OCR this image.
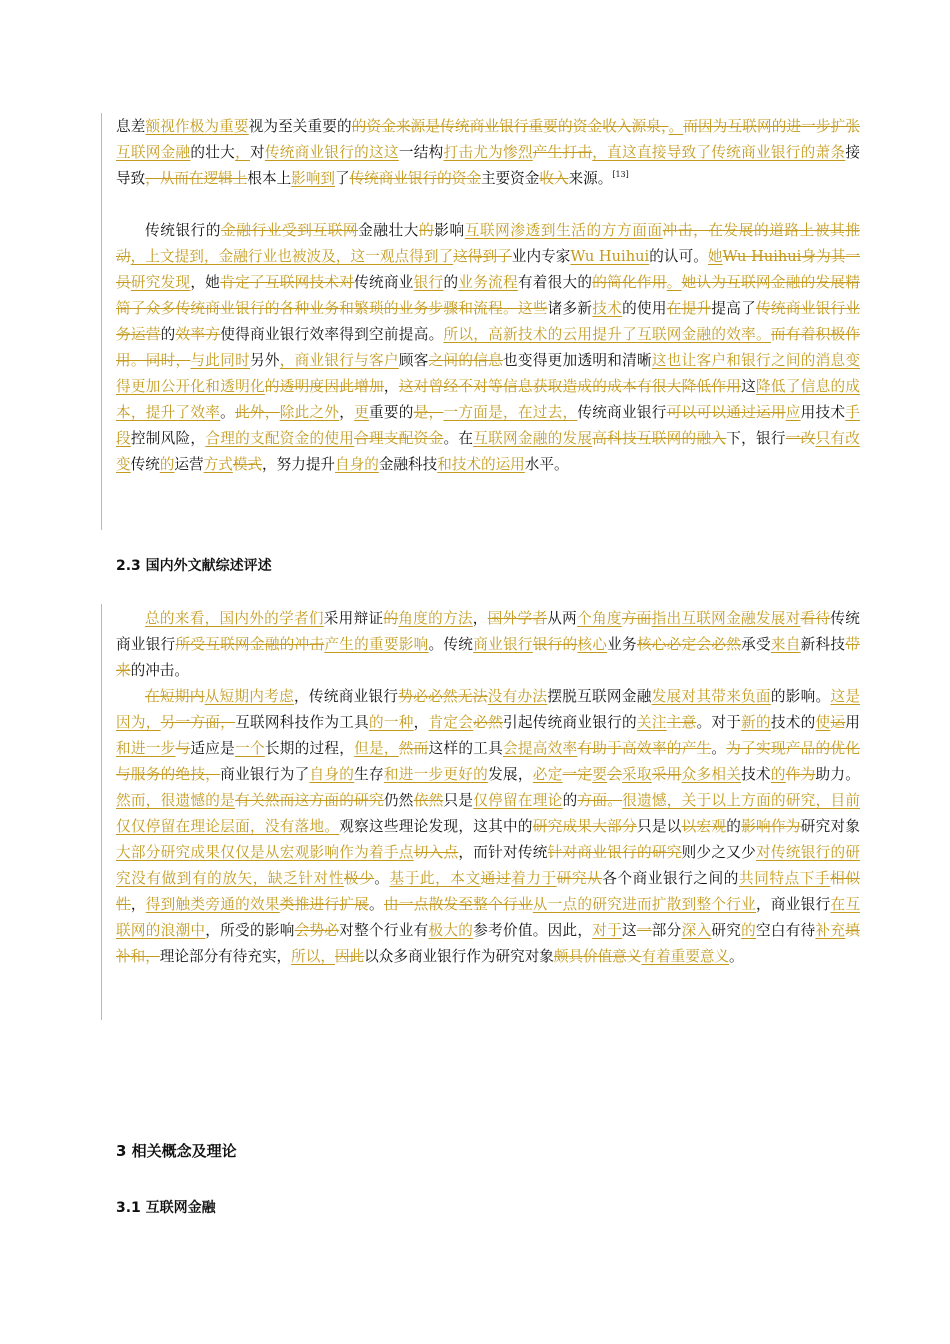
息差额视作极为重要视为至关重要的的资金来源是传统商业银行重要的资金收入源泉，。而因为互联网的进一步扩张互联网金融的壮大，对传统商业银行的这这一结构打击尤为惨烈产生打击，直这直接导致了传统商业银行的萧条接导致，从而在逻辑上根本上影响到了传统商业银行的资金主要资金收入来源。[13]

传统银行的金融行业受到互联网金融壮大的影响互联网渗透到生活的方方面面冲击，在发展的道路上被其推动，上文提到，金融行业也被波及，这一观点得到了这得到了业内专家Wu Huihui的认可。她Wu Huihui身为其一员研究发现，她肯定了互联网技术对传统商业银行的业务流程有着很大的的简化作用。她认为互联网金融的发展精简了众多传统商业银行的各种业务和繁琐的业务步骤和流程。这些诸多新技术的使用在提升提高了传统商业银行业务运营的效率方使得商业银行效率得到空前提高。所以，高新技术的云用提升了互联网金融的效率。而有着积极作用。同时，与此同时另外，商业银行与客户顾客之间的信息也变得更加透明和清晰这也让客户和银行之间的消息变得更加公开化和透明化的透明度因此增加，这对曾经不对等信息获取造成的成本有很大降低作用这降低了信息的成本，提升了效率。此外，除此之外，更重要的是，一方面是，在过去，传统商业银行可以可以通过运用应用技术手段控制风险，合理的支配资金的使用合理支配资金。在互联网金融的发展高科技互联网的融入下，银行一改只有改变传统的运营方式模式，努力提升自身的金融科技和技术的运用水平。

2.3 国内外文献综述评述

总的来看，国内外的学者们采用辩证的角度的方法，国外学者从两个角度方面指出互联网金融发展对看待传统商业银行所受互联网金融的冲击产生的重要影响。传统商业银行银行的核心业务核心必定会必然承受来自新科技带来的冲击。

在短期内从短期内考虑，传统商业银行势必必然无法没有办法摆脱互联网金融发展对其带来负面的影响。这是因为，另一方面，互联网科技作为工具的一种，肯定会必然引起传统商业银行的关注主意。对于新的技术的使运用和进一步与适应是一个长期的过程，但是，然而这样的工具会提高效率有助于高效率的产生。为了实现产品的优化与服务的绝技，商业银行为了自身的生存和进一步更好的发展，必定一定要会采取采用众多相关技术的作为助力。然而，很遗憾的是有关然而这方面的研究仍然依然只是仅停留在理论的方面。很遗憾，关于以上方面的研究，目前仅仅停留在理论层面，没有落地。观察这些理论发现，这其中的研究成果大部分只是以以宏观的影响作为研究对象大部分研究成果仅仅是从宏观影响作为着手点切入点，而针对传统针对商业银行的研究则少之又少对传统银行的研究没有做到有的放矢，缺乏针对性极少。基于此，本文通过着力于研究从各个商业银行之间的共同特点下手相似性，得到触类旁通的效果类推进行扩展。由一点散发至整个行业从一点的研究进而扩散到整个行业，商业银行在互联网的浪潮中，所受的影响会势必对整个行业有极大的参考价值。因此，对于这一部分深入研究的空白有待补充填补和，理论部分有待充实，所以，因此以众多商业银行作为研究对象颇具价值意义有着重要意义。

3 相关概念及理论
3.1 互联网金融
